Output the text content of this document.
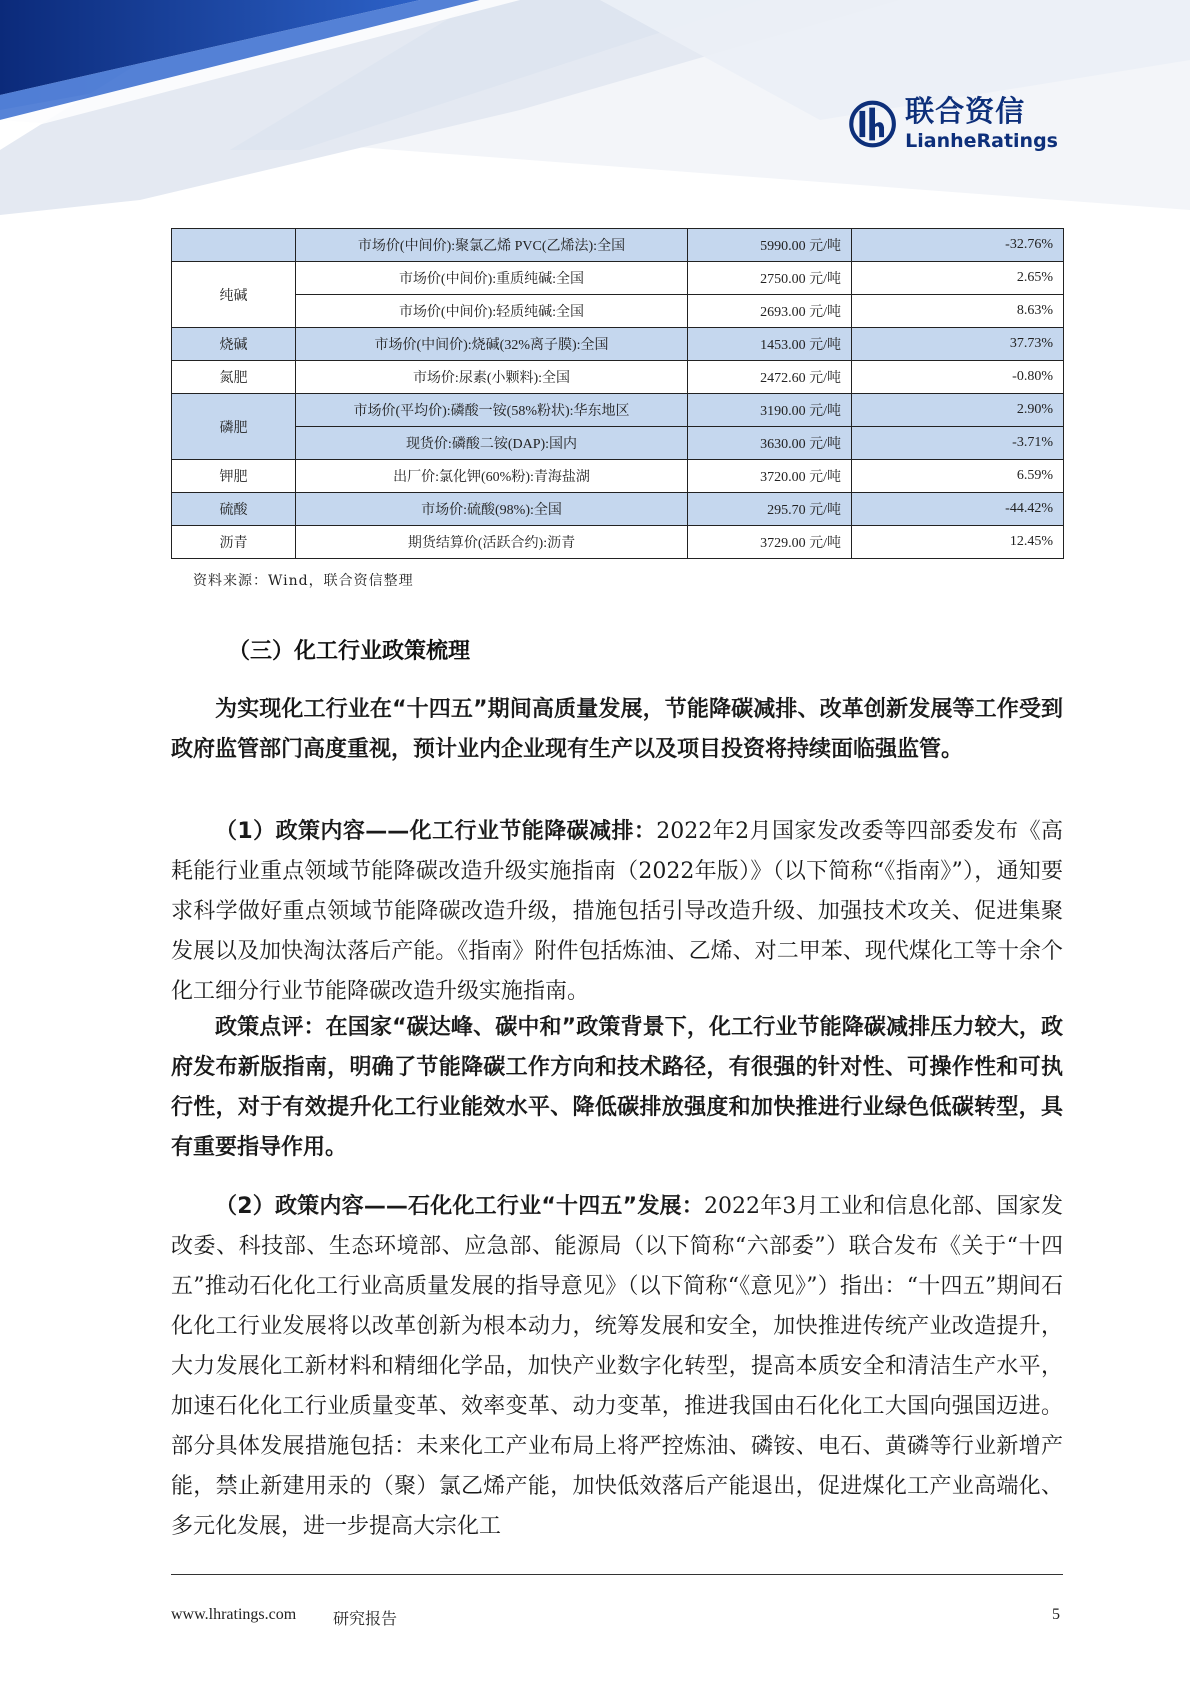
联合资信
LianheRatings
	市场价(中间价):聚氯乙烯 PVC(乙烯法):全国	5990.00 元/吨	-32.76%
纯碱	市场价(中间价):重质纯碱:全国	2750.00 元/吨	2.65%
	市场价(中间价):轻质纯碱:全国	2693.00 元/吨	8.63%
烧碱	市场价(中间价):烧碱(32%离子膜):全国	1453.00 元/吨	37.73%
氮肥	市场价:尿素(小颗料):全国	2472.60 元/吨	-0.80%
磷肥	市场价(平均价):磷酸一铵(58%粉状):华东地区	3190.00 元/吨	2.90%
	现货价:磷酸二铵(DAP):国内	3630.00 元/吨	-3.71%
钾肥	出厂价:氯化钾(60%粉):青海盐湖	3720.00 元/吨	6.59%
硫酸	市场价:硫酸(98%):全国	295.70 元/吨	-44.42%
沥青	期货结算价(活跃合约):沥青	3729.00 元/吨	12.45%
资料来源：Wind，联合资信整理
（三）化工行业政策梳理

为实现化工行业在“十四五”期间高质量发展，节能降碳减排、改革创新发展等工作受到政府监管部门高度重视，预计业内企业现有生产以及项目投资将持续面临强监管。

（1）政策内容——化工行业节能降碳减排：2022年2月国家发改委等四部委发布《高耗能行业重点领域节能降碳改造升级实施指南（2022年版）》（以下简称“《指南》”），通知要求科学做好重点领域节能降碳改造升级，措施包括引导改造升级、加强技术攻关、促进集聚发展以及加快淘汰落后产能。《指南》附件包括炼油、乙烯、对二甲苯、现代煤化工等十余个化工细分行业节能降碳改造升级实施指南。

政策点评：在国家“碳达峰、碳中和”政策背景下，化工行业节能降碳减排压力较大，政府发布新版指南，明确了节能降碳工作方向和技术路径，有很强的针对性、可操作性和可执行性，对于有效提升化工行业能效水平、降低碳排放强度和加快推进行业绿色低碳转型，具有重要指导作用。

（2）政策内容——石化化工行业“十四五”发展：2022年3月工业和信息化部、国家发改委、科技部、生态环境部、应急部、能源局（以下简称“六部委”）联合发布《关于“十四五”推动石化化工行业高质量发展的指导意见》（以下简称“《意见》”）指出：“十四五”期间石化化工行业发展将以改革创新为根本动力，统筹发展和安全，加快推进传统产业改造提升，大力发展化工新材料和精细化学品，加快产业数字化转型，提高本质安全和清洁生产水平，加速石化化工行业质量变革、效率变革、动力变革，推进我国由石化化工大国向强国迈进。部分具体发展措施包括：未来化工产业布局上将严控炼油、磷铵、电石、黄磷等行业新增产能，禁止新建用汞的（聚）氯乙烯产能，加快低效落后产能退出，促进煤化工产业高端化、多元化发展，进一步提高大宗化工

www.lhratings.com 研究报告	5
